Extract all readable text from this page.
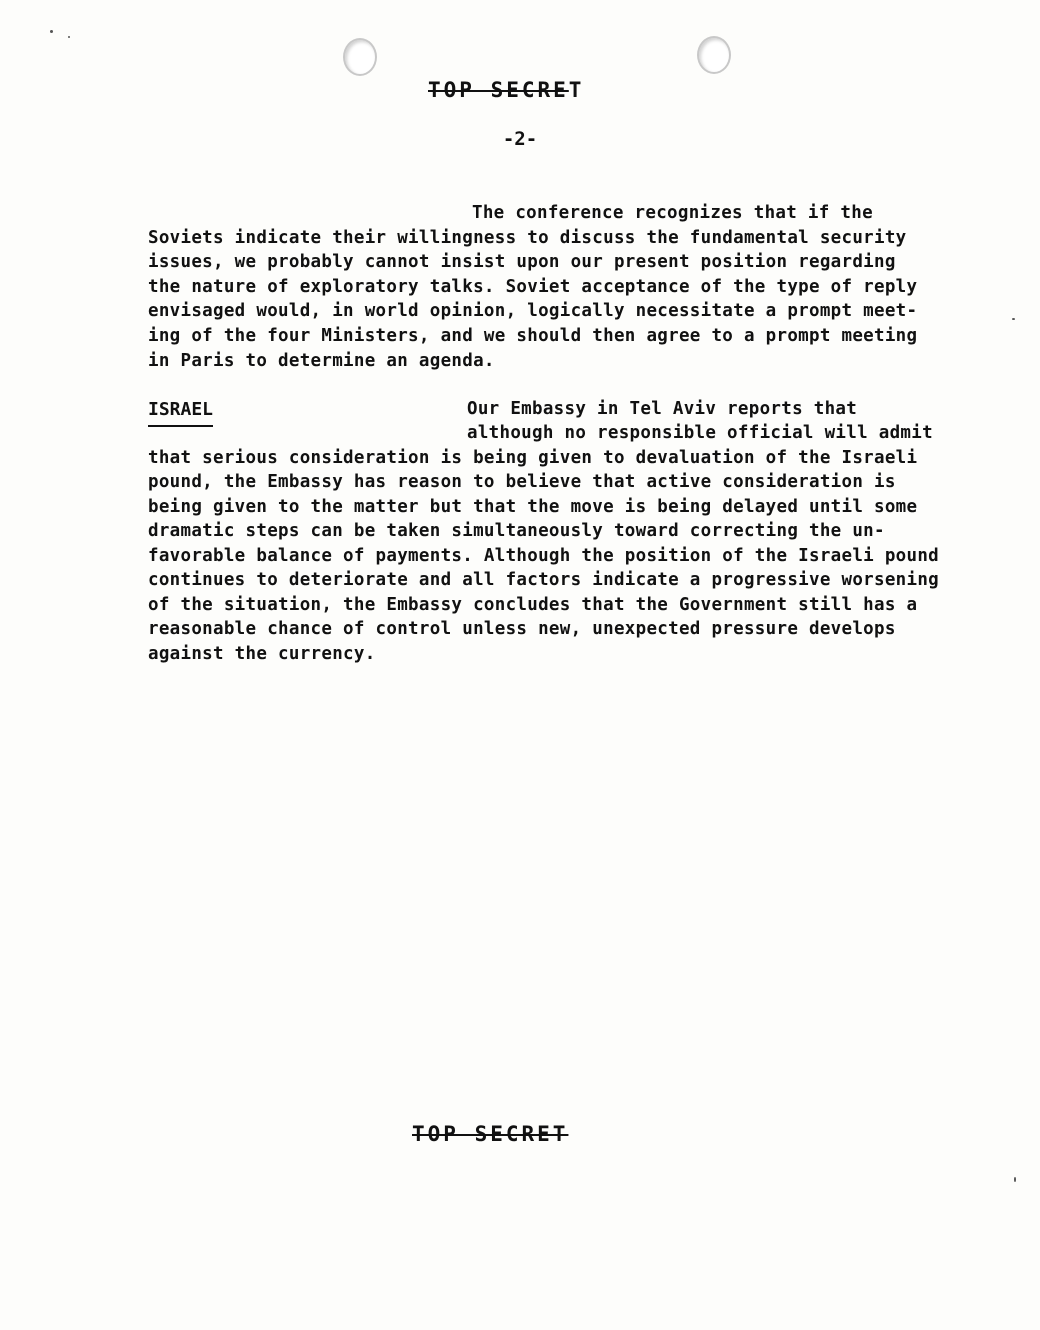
TOP SECRET
-2-
The conference recognizes that if the
Soviets indicate their willingness to discuss the fundamental security
issues, we probably cannot insist upon our present position regarding
the nature of exploratory talks. Soviet acceptance of the type of reply
envisaged would, in world opinion, logically necessitate a prompt meet-
ing of the four Ministers, and we should then agree to a prompt meeting
in Paris to determine an agenda.
ISRAEL	Our Embassy in Tel Aviv reports that
although no responsible official will admit
that serious consideration is being given to devaluation of the Israeli
pound, the Embassy has reason to believe that active consideration is
being given to the matter but that the move is being delayed until some
dramatic steps can be taken simultaneously toward correcting the un-
favorable balance of payments. Although the position of the Israeli pound
continues to deteriorate and all factors indicate a progressive worsening
of the situation, the Embassy concludes that the Government still has a
reasonable chance of control unless new, unexpected pressure develops
against the currency.
TOP SECRET
